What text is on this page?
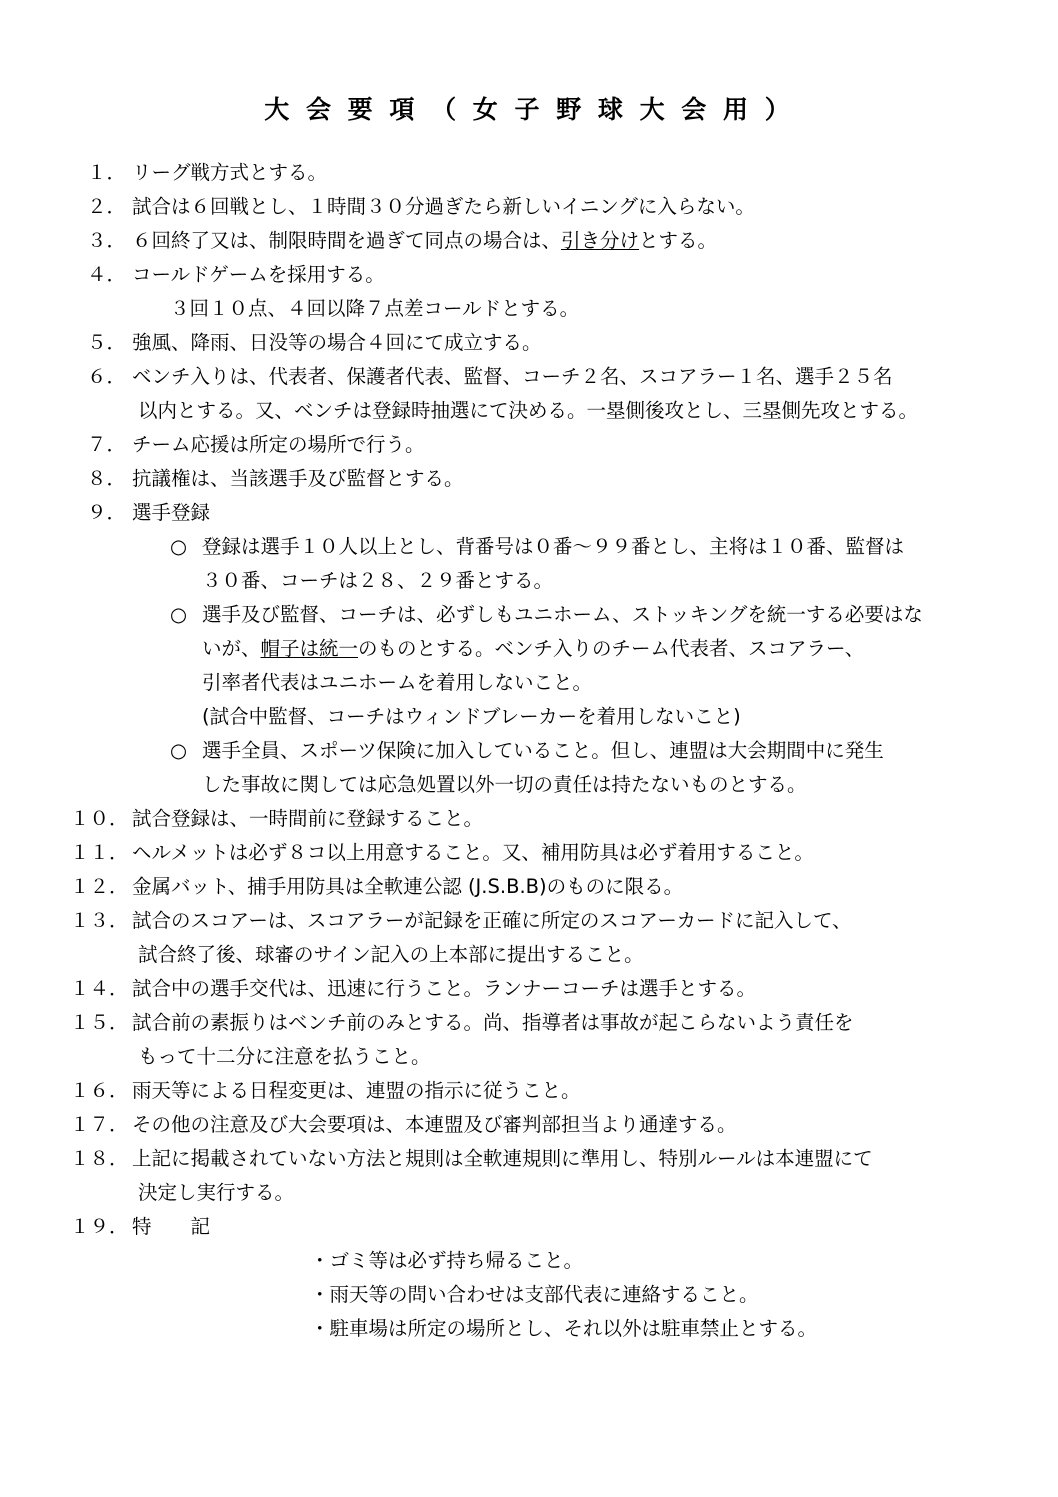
大 会 要 項 （ 女 子 野 球 大 会 用 ）
１． リーグ戦方式とする。
２． 試合は６回戦とし、１時間３０分過ぎたら新しいイニングに入らない。
３． ６回終了又は、制限時間を過ぎて同点の場合は、引き分けとする。
４． コールドゲームを採用する。
３回１０点、４回以降７点差コールドとする。
５． 強風、降雨、日没等の場合４回にて成立する。
６． ベンチ入りは、代表者、保護者代表、監督、コーチ２名、スコアラー１名、選手２５名
以内とする。又、ベンチは登録時抽選にて決める。一塁側後攻とし、三塁側先攻とする。
７． チーム応援は所定の場所で行う。
８． 抗議権は、当該選手及び監督とする。
９． 選手登録
○ 登録は選手１０人以上とし、背番号は０番～９９番とし、主将は１０番、監督は
３０番、コーチは２８、２９番とする。
○ 選手及び監督、コーチは、必ずしもユニホーム、ストッキングを統一する必要はな
いが、帽子は統一のものとする。ベンチ入りのチーム代表者、スコアラー、
引率者代表はユニホームを着用しないこと。
(試合中監督、コーチはウィンドブレーカーを着用しないこと)
○ 選手全員、スポーツ保険に加入していること。但し、連盟は大会期間中に発生
した事故に関しては応急処置以外一切の責任は持たないものとする。
１０． 試合登録は、一時間前に登録すること。
１１． ヘルメットは必ず８コ以上用意すること。又、補用防具は必ず着用すること。
１２． 金属バット、捕手用防具は全軟連公認 (J.S.B.B)のものに限る。
１３． 試合のスコアーは、スコアラーが記録を正確に所定のスコアーカードに記入して、
試合終了後、球審のサイン記入の上本部に提出すること。
１４． 試合中の選手交代は、迅速に行うこと。ランナーコーチは選手とする。
１５． 試合前の素振りはベンチ前のみとする。尚、指導者は事故が起こらないよう責任を
もって十二分に注意を払うこと。
１６． 雨天等による日程変更は、連盟の指示に従うこと。
１７． その他の注意及び大会要項は、本連盟及び審判部担当より通達する。
１８． 上記に掲載されていない方法と規則は全軟連規則に準用し、特別ルールは本連盟にて
決定し実行する。
１９． 特　　記
・ゴミ等は必ず持ち帰ること。
・雨天等の問い合わせは支部代表に連絡すること。
・駐車場は所定の場所とし、それ以外は駐車禁止とする。
